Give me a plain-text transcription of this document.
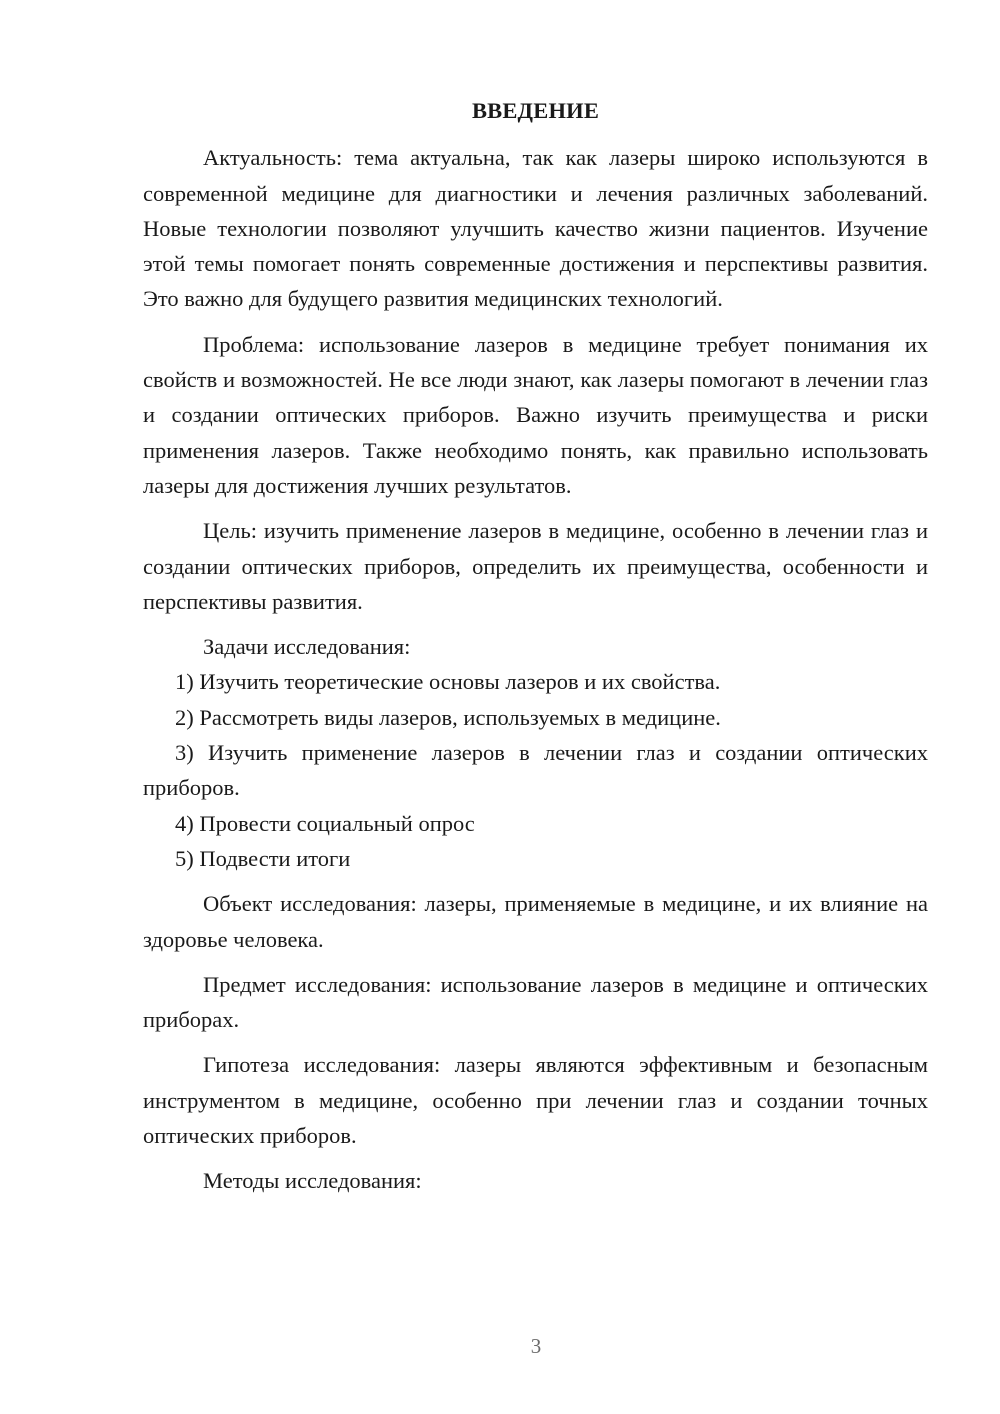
ВВЕДЕНИЕ

Актуальность: тема актуальна, так как лазеры широко используются в современной медицине для диагностики и лечения различных заболеваний. Новые технологии позволяют улучшить качество жизни пациентов. Изучение этой темы помогает понять современные достижения и перспективы развития. Это важно для будущего развития медицинских технологий.

Проблема: использование лазеров в медицине требует понимания их свойств и возможностей. Не все люди знают, как лазеры помогают в лечении глаз и создании оптических приборов. Важно изучить преимущества и риски применения лазеров. Также необходимо понять, как правильно использовать лазеры для достижения лучших результатов.

Цель: изучить применение лазеров в медицине, особенно в лечении глаз и создании оптических приборов, определить их преимущества, особенности и перспективы развития.

Задачи исследования:

1) Изучить теоретические основы лазеров и их свойства.

2) Рассмотреть виды лазеров, используемых в медицине.

3) Изучить применение лазеров в лечении глаз и создании оптических приборов.

4) Провести социальный опрос

5) Подвести итоги

Объект исследования: лазеры, применяемые в медицине, и их влияние на здоровье человека.

Предмет исследования: использование лазеров в медицине и оптических приборах.

Гипотеза исследования: лазеры являются эффективным и безопасным инструментом в медицине, особенно при лечении глаз и создании точных оптических приборов.

Методы исследования:

3
